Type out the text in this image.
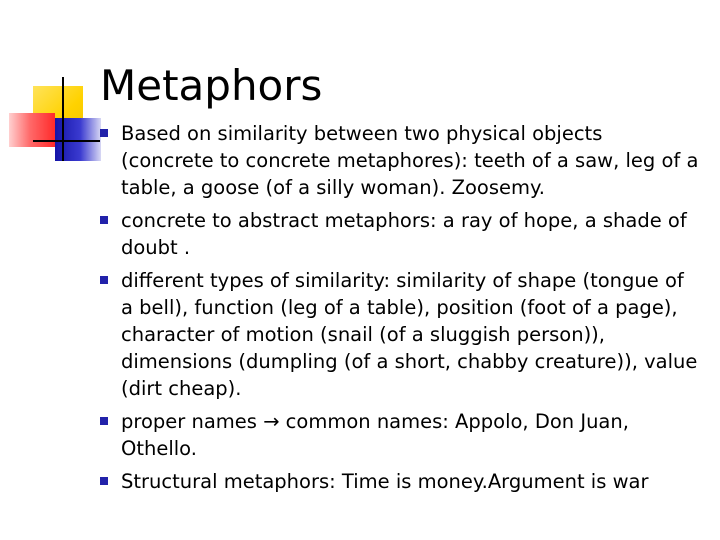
Metaphors
Based on similarity between two physical objects (concrete to concrete metaphores): teeth of a saw, leg of a table, a goose (of a silly woman). Zoosemy.
concrete to abstract metaphors: a ray of hope, a shade of doubt .
different types of similarity: similarity of shape (tongue of a bell), function (leg of a table), position (foot of a page), character of motion (snail (of a sluggish person)), dimensions (dumpling (of a short, chabby creature)), value (dirt cheap).
proper names → common names: Appolo, Don Juan, Othello.
Structural metaphors: Time is money.Argument is war
